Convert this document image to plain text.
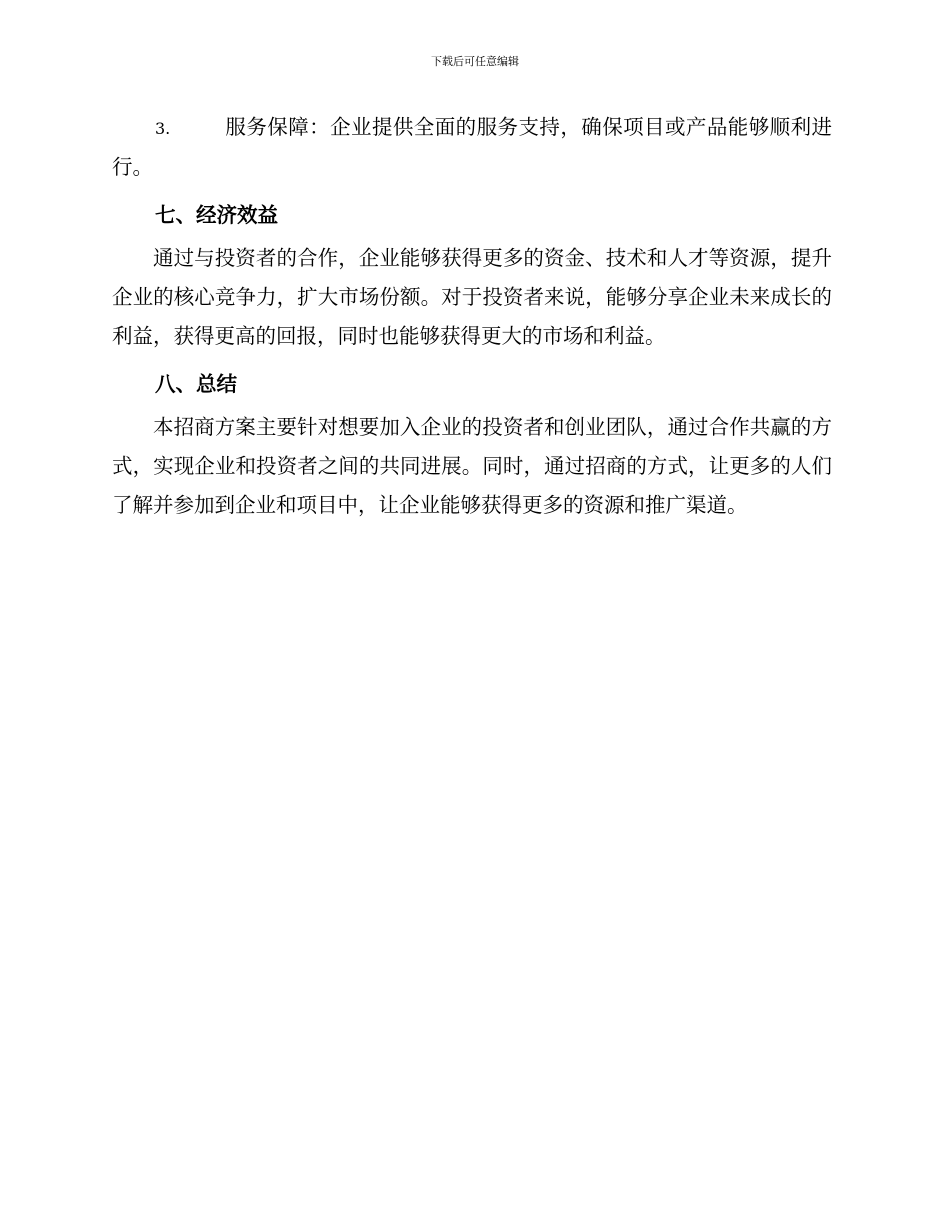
下载后可任意编辑

3.	服务保障：企业提供全面的服务支持，确保项目或产品能够顺利进行。

七、经济效益

通过与投资者的合作，企业能够获得更多的资金、技术和人才等资源，提升企业的核心竞争力，扩大市场份额。对于投资者来说，能够分享企业未来成长的利益，获得更高的回报，同时也能够获得更大的市场和利益。

八、总结

本招商方案主要针对想要加入企业的投资者和创业团队，通过合作共赢的方式，实现企业和投资者之间的共同进展。同时，通过招商的方式，让更多的人们了解并参加到企业和项目中，让企业能够获得更多的资源和推广渠道。
